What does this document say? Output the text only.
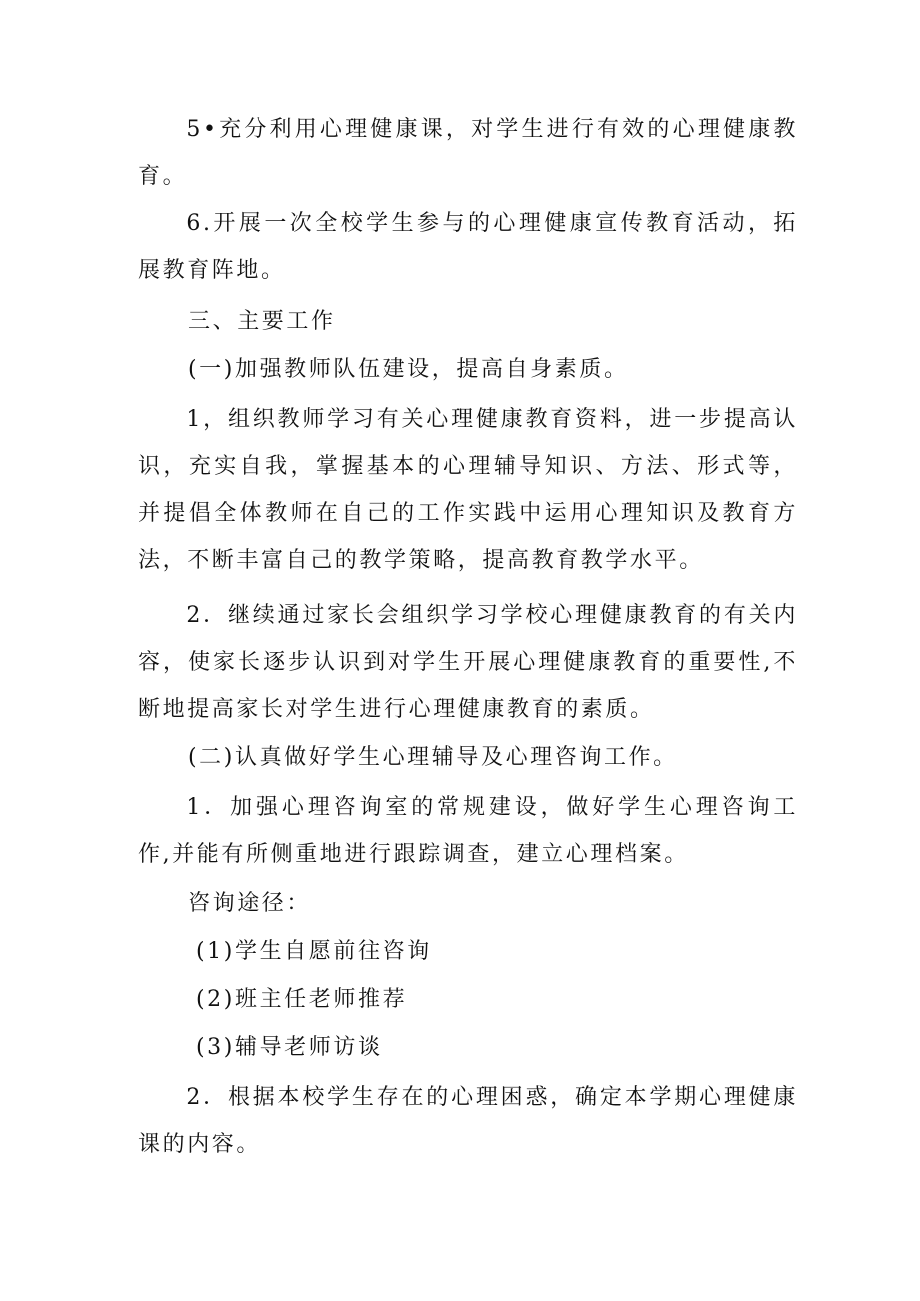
5•充分利用心理健康课，对学生进行有效的心理健康教育。

6.开展一次全校学生参与的心理健康宣传教育活动，拓展教育阵地。

三、主要工作

(一)加强教师队伍建设，提高自身素质。

1，组织教师学习有关心理健康教育资料，进一步提高认识，充实自我，掌握基本的心理辅导知识、方法、形式等，并提倡全体教师在自己的工作实践中运用心理知识及教育方法，不断丰富自己的教学策略，提高教育教学水平。

2．继续通过家长会组织学习学校心理健康教育的有关内容，使家长逐步认识到对学生开展心理健康教育的重要性,不断地提高家长对学生进行心理健康教育的素质。

(二)认真做好学生心理辅导及心理咨询工作。

1．加强心理咨询室的常规建设，做好学生心理咨询工作,并能有所侧重地进行跟踪调查，建立心理档案。

咨询途径：

(1)学生自愿前往咨询

(2)班主任老师推荐

(3)辅导老师访谈

2．根据本校学生存在的心理困惑，确定本学期心理健康课的内容。
